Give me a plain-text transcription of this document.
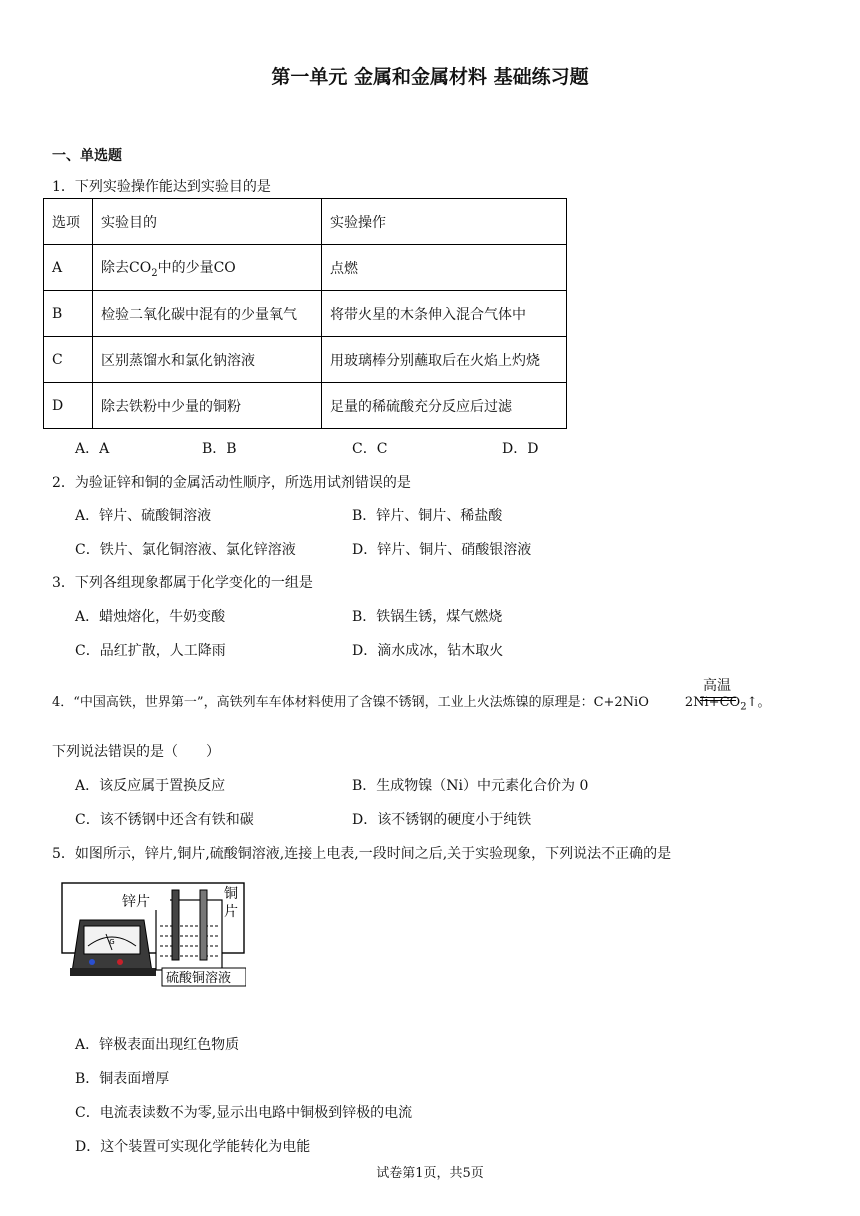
第一单元 金属和金属材料 基础练习题
一、单选题
1．下列实验操作能达到实验目的是
选项	实验目的	实验操作
A	除去$CO_2$中的少量CO	点燃
B	检验二氧化碳中混有的少量氧气	将带火星的木条伸入混合气体中
C	区别蒸馏水和氯化钠溶液	用玻璃棒分别蘸取后在火焰上灼烧
D	除去铁粉中少量的铜粉	足量的稀硫酸充分反应后过滤
A．A	B．B	C．C	D．D
2．为验证锌和铜的金属活动性顺序，所选用试剂错误的是
A．锌片、硫酸铜溶液	B．锌片、铜片、稀盐酸
C．铁片、氯化铜溶液、氯化锌溶液	D．锌片、铜片、硝酸银溶液
3．下列各组现象都属于化学变化的一组是
A．蜡烛熔化，牛奶变酸	B．铁锅生锈，煤气燃烧
C．品红扩散，人工降雨	D．滴水成冰，钻木取火
4．“中国高铁，世界第一”，高铁列车车体材料使用了含镍不锈钢，工业上火法炼镍的原理是：C+2NiO	$2Ni+CO_2↑$。
高温
下列说法错误的是（　　）
A．该反应属于置换反应	B．生成物镍（Ni）中元素化合价为 0
C．该不锈钢中还含有铁和碳	D．该不锈钢的硬度小于纯铁
5．如图所示，锌片,铜片,硫酸铜溶液,连接上电表,一段时间之后,关于实验现象，下列说法不正确的是
G
锌片	铜
片
硫酸铜溶液
A．锌极表面出现红色物质
B．铜表面增厚
C．电流表读数不为零,显示出电路中铜极到锌极的电流
D．这个装置可实现化学能转化为电能
试卷第1页，共5页
